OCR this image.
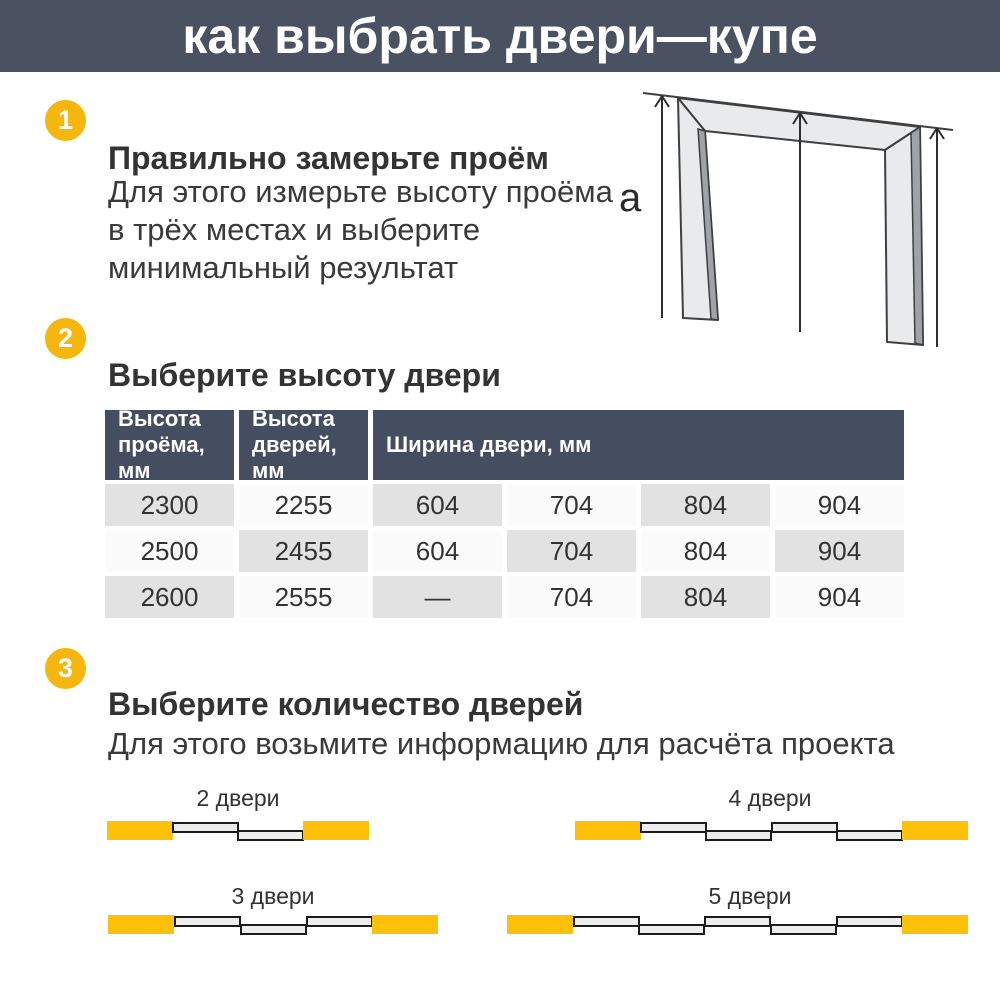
как выбрать двери—купе
1
Правильно замерьте проём
Для этого измерьте высоту проёма
в трёх местах и выберите
минимальный результат
a
2
Выберите высоту двери
Высота проёма, мм
Высота дверей, мм
Ширина двери, мм
2300	2255	604	704	804	904
2500	2455	604	704	804	904
2600	2555	—	704	804	904
3
Выберите количество дверей
Для этого возьмите информацию для расчёта проекта
2 двери	4 двери
3 двери	5 двери
